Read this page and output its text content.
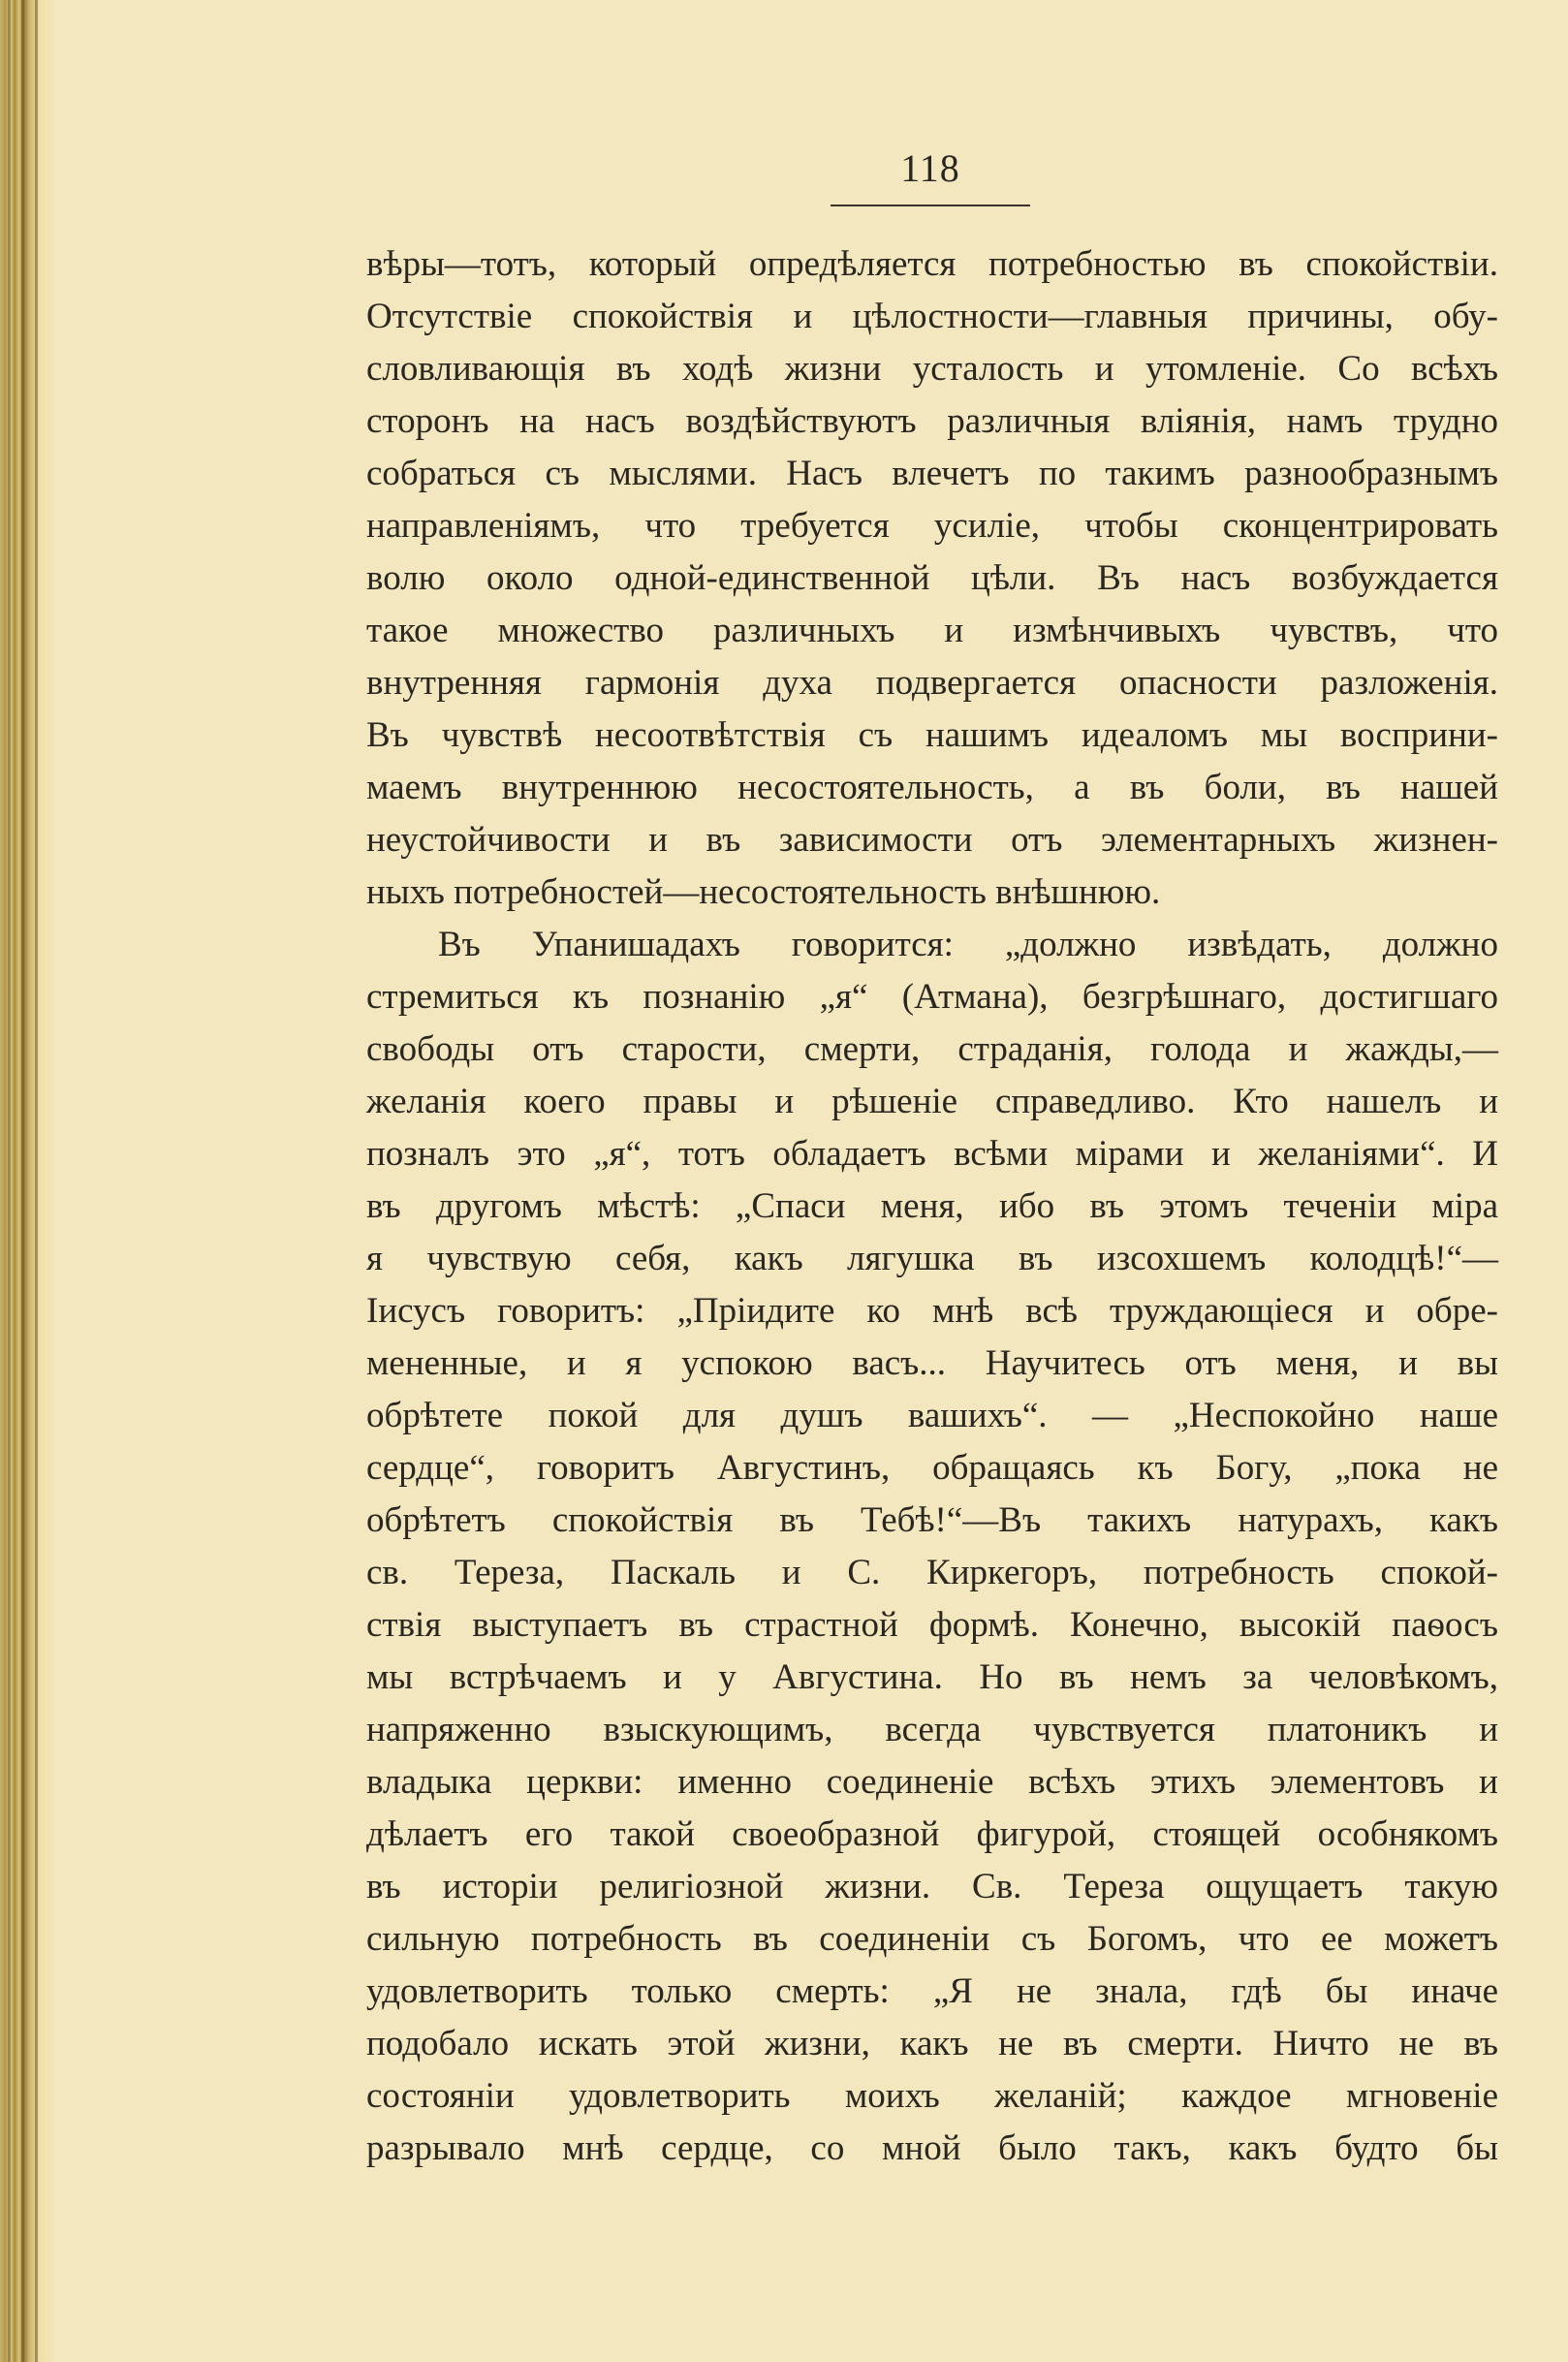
118
вѣры—тотъ, который опредѣляется потребностью въ спокойствіи.
Отсутствіе спокойствія и цѣлостности—главныя причины, обу-
словливающія въ ходѣ жизни усталость и утомленіе. Со всѣхъ
сторонъ на насъ воздѣйствуютъ различныя вліянія, намъ трудно
собраться съ мыслями. Насъ влечетъ по такимъ разнообразнымъ
направленіямъ, что требуется усиліе, чтобы сконцентрировать
волю около одной-единственной цѣли. Въ насъ возбуждается
такое множество различныхъ и измѣнчивыхъ чувствъ, что
внутренняя гармонія духа подвергается опасности разложенія.
Въ чувствѣ несоотвѣтствія съ нашимъ идеаломъ мы восприни-
маемъ внутреннюю несостоятельность, а въ боли, въ нашей
неустойчивости и въ зависимости отъ элементарныхъ жизнен-
ныхъ потребностей—несостоятельность внѣшнюю.
Въ Упанишадахъ говорится: „должно извѣдать, должно
стремиться къ познанію „я“ (Атмана), безгрѣшнаго, достигшаго
свободы отъ старости, смерти, страданія, голода и жажды,—
желанія коего правы и рѣшеніе справедливо. Кто нашелъ и
позналъ это „я“, тотъ обладаетъ всѣми мірами и желаніями“. И
въ другомъ мѣстѣ: „Спаси меня, ибо въ этомъ теченіи міра
я чувствую себя, какъ лягушка въ изсохшемъ колодцѣ!“—
Іисусъ говоритъ: „Пріидите ко мнѣ всѣ труждающіеся и обре-
мененные, и я успокою васъ... Научитесь отъ меня, и вы
обрѣтете покой для душъ вашихъ“. — „Неспокойно наше
сердце“, говоритъ Августинъ, обращаясь къ Богу, „пока не
обрѣтетъ спокойствія въ Тебѣ!“—Въ такихъ натурахъ, какъ
св. Тереза, Паскаль и С. Киркегоръ, потребность спокой-
ствія выступаетъ въ страстной формѣ. Конечно, высокій паѳосъ
мы встрѣчаемъ и у Августина. Но въ немъ за человѣкомъ,
напряженно взыскующимъ, всегда чувствуется платоникъ и
владыка церкви: именно соединеніе всѣхъ этихъ элементовъ и
дѣлаетъ его такой своеобразной фигурой, стоящей особнякомъ
въ исторіи религіозной жизни. Св. Тереза ощущаетъ такую
сильную потребность въ соединеніи съ Богомъ, что ее можетъ
удовлетворить только смерть: „Я не знала, гдѣ бы иначе
подобало искать этой жизни, какъ не въ смерти. Ничто не въ
состояніи удовлетворить моихъ желаній; каждое мгновеніе
разрывало мнѣ сердце, со мной было такъ, какъ будто бы
